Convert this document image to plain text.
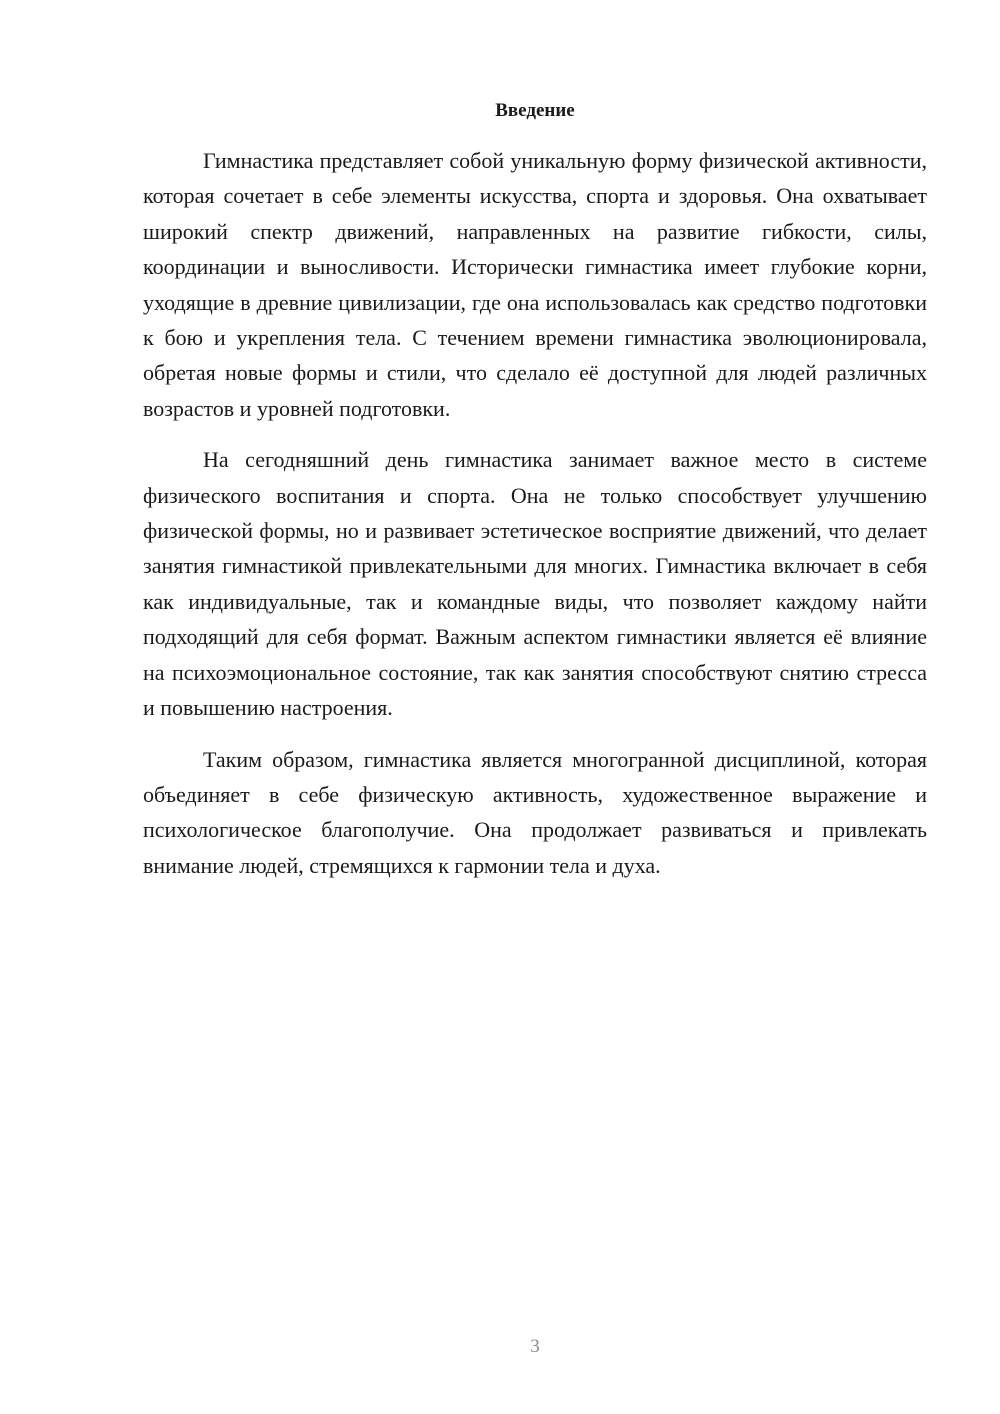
Введение

Гимнастика представляет собой уникальную форму физической активности, которая сочетает в себе элементы искусства, спорта и здоровья. Она охватывает широкий спектр движений, направленных на развитие гибкости, силы, координации и выносливости. Исторически гимнастика имеет глубокие корни, уходящие в древние цивилизации, где она использовалась как средство подготовки к бою и укрепления тела. С течением времени гимнастика эволюционировала, обретая новые формы и стили, что сделало её доступной для людей различных возрастов и уровней подготовки.

На сегодняшний день гимнастика занимает важное место в системе физического воспитания и спорта. Она не только способствует улучшению физической формы, но и развивает эстетическое восприятие движений, что делает занятия гимнастикой привлекательными для многих. Гимнастика включает в себя как индивидуальные, так и командные виды, что позволяет каждому найти подходящий для себя формат. Важным аспектом гимнастики является её влияние на психоэмоциональное состояние, так как занятия способствуют снятию стресса и повышению настроения.

Таким образом, гимнастика является многогранной дисциплиной, которая объединяет в себе физическую активность, художественное выражение и психологическое благополучие. Она продолжает развиваться и привлекать внимание людей, стремящихся к гармонии тела и духа.

3
